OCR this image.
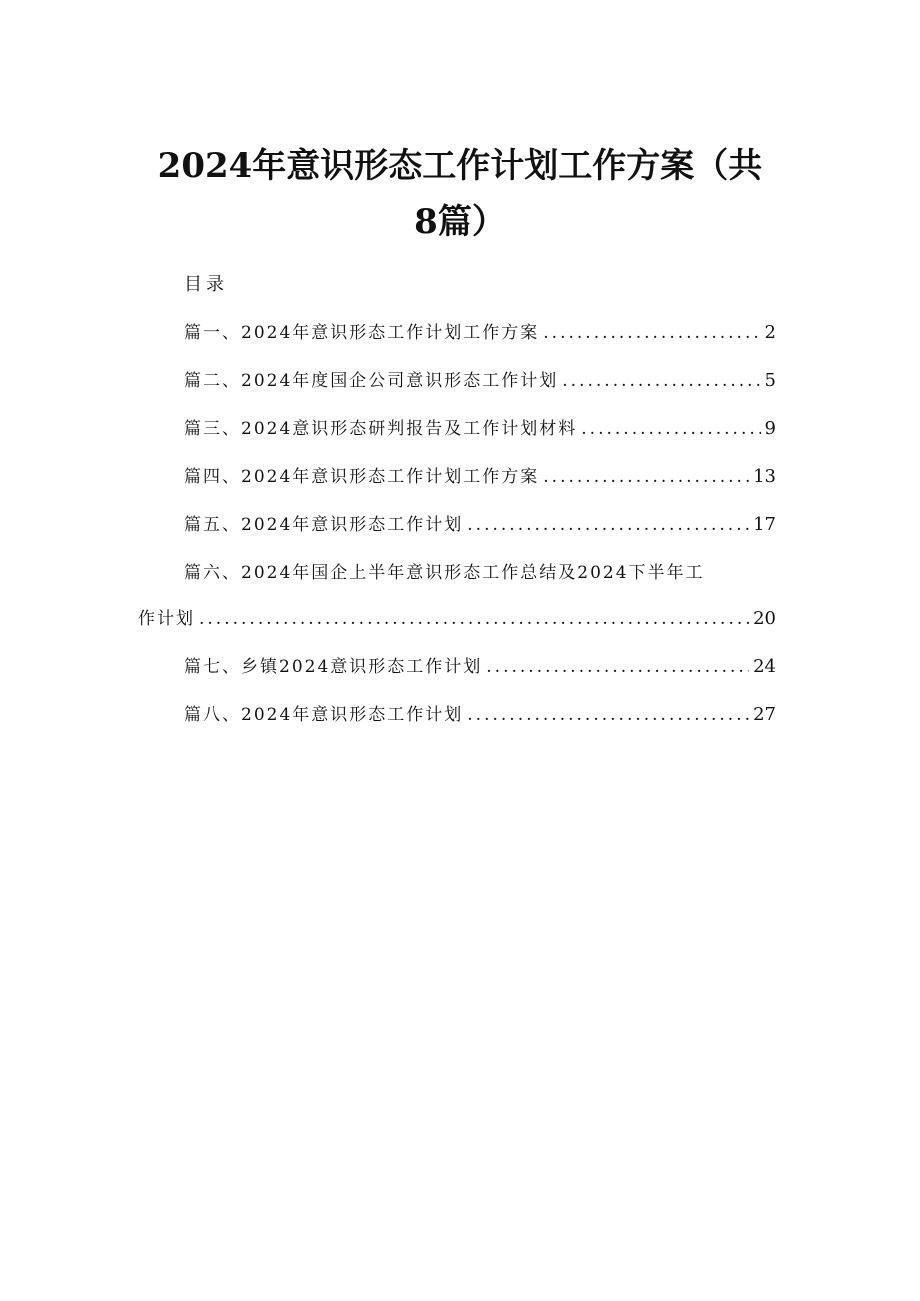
2024年意识形态工作计划工作方案（共8篇）
目录
篇一、2024年意识形态工作计划工作方案 .....	2
篇二、2024年度国企公司意识形态工作计划 .....	5
篇三、2024意识形态研判报告及工作计划材料 .....	9
篇四、2024年意识形态工作计划工作方案 .....	13
篇五、2024年意识形态工作计划 .....	17
篇六、2024年国企上半年意识形态工作总结及2024下半年工
作计划 .....	20
篇七、乡镇2024意识形态工作计划 .....	24
篇八、2024年意识形态工作计划 .....	27
